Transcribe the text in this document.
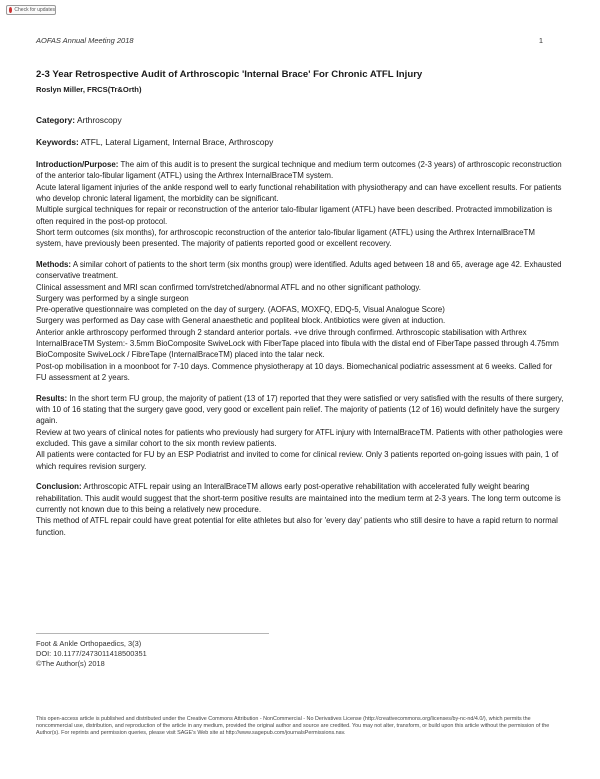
Check for updates
AOFAS Annual Meeting 2018	1
2-3 Year Retrospective Audit of Arthroscopic 'Internal Brace' For Chronic ATFL Injury
Roslyn Miller, FRCS(Tr&Orth)

Category: Arthroscopy

Keywords: ATFL, Lateral Ligament, Internal Brace, Arthroscopy

Introduction/Purpose: The aim of this audit is to present the surgical technique and medium term outcomes (2-3 years) of arthroscopic reconstruction of the anterior talo-fibular ligament (ATFL) using the Arthrex InternalBraceTM system.

Acute lateral ligament injuries of the ankle respond well to early functional rehabilitation with physiotherapy and can have excellent results. For patients who develop chronic lateral ligament, the morbidity can be significant.

Multiple surgical techniques for repair or reconstruction of the anterior talo-fibular ligament (ATFL) have been described. Protracted immobilization is often required in the post-op protocol.

Short term outcomes (six months), for arthroscopic reconstruction of the anterior talo-fibular ligament (ATFL) using the Arthrex InternalBraceTM system, have previously been presented. The majority of patients reported good or excellent recovery.

Methods: A similar cohort of patients to the short term (six months group) were identified. Adults aged between 18 and 65, average age 42. Exhausted conservative treatment.

Clinical assessment and MRI scan confirmed torn/stretched/abnormal ATFL and no other significant pathology.

Surgery was performed by a single surgeon

Pre-operative questionnaire was completed on the day of surgery. (AOFAS, MOXFQ, EDQ-5, Visual Analogue Score)

Surgery was performed as Day case with General anaesthetic and popliteal block. Antibiotics were given at induction.

Anterior ankle arthroscopy performed through 2 standard anterior portals. +ve drive through confirmed. Arthroscopic stabilisation with Arthrex InternalBraceTM System:- 3.5mm BioComposite SwiveLock with FiberTape placed into fibula with the distal end of FiberTape passed through 4.75mm BioComposite SwiveLock / FibreTape (InternalBraceTM) placed into the talar neck.

Post-op mobilisation in a moonboot for 7-10 days. Commence physiotherapy at 10 days. Biomechanical podiatric assessment at 6 weeks. Called for FU assessment at 2 years.

Results: In the short term FU group, the majority of patient (13 of 17) reported that they were satisfied or very satisfied with the results of there surgery, with 10 of 16 stating that the surgery gave good, very good or excellent pain relief. The majority of patients (12 of 16) would definitely have the surgery again.

Review at two years of clinical notes for patients who previously had surgery for ATFL injury with InternalBraceTM. Patients with other pathologies were excluded. This gave a similar cohort to the six month review patients.

All patients were contacted for FU by an ESP Podiatrist and invited to come for clinical review. Only 3 patients reported on-going issues with pain, 1 of which requires revision surgery.

Conclusion: Arthroscopic ATFL repair using an InteralBraceTM allows early post-operative rehabilitation with accelerated fully weight bearing rehabilitation. This audit would suggest that the short-term positive results are maintained into the medium term at 2-3 years. The long term outcome is currently not known due to this being a relatively new procedure.

This method of ATFL repair could have great potential for elite athletes but also for 'every day' patients who still desire to have a rapid return to normal function.

Foot & Ankle Orthopaedics, 3(3)
DOI: 10.1177/2473011418500351
©The Author(s) 2018
This open-access article is published and distributed under the Creative Commons Attribution - NonCommercial - No Derivatives License (http://creativecommons.org/licenses/by-nc-nd/4.0/), which permits the noncommercial use, distribution, and reproduction of the article in any medium, provided the original author and source are credited. You may not alter, transform, or build upon this article without the permission of the Author(s). For reprints and permission queries, please visit SAGE's Web site at http://www.sagepub.com/journalsPermissions.nav.
